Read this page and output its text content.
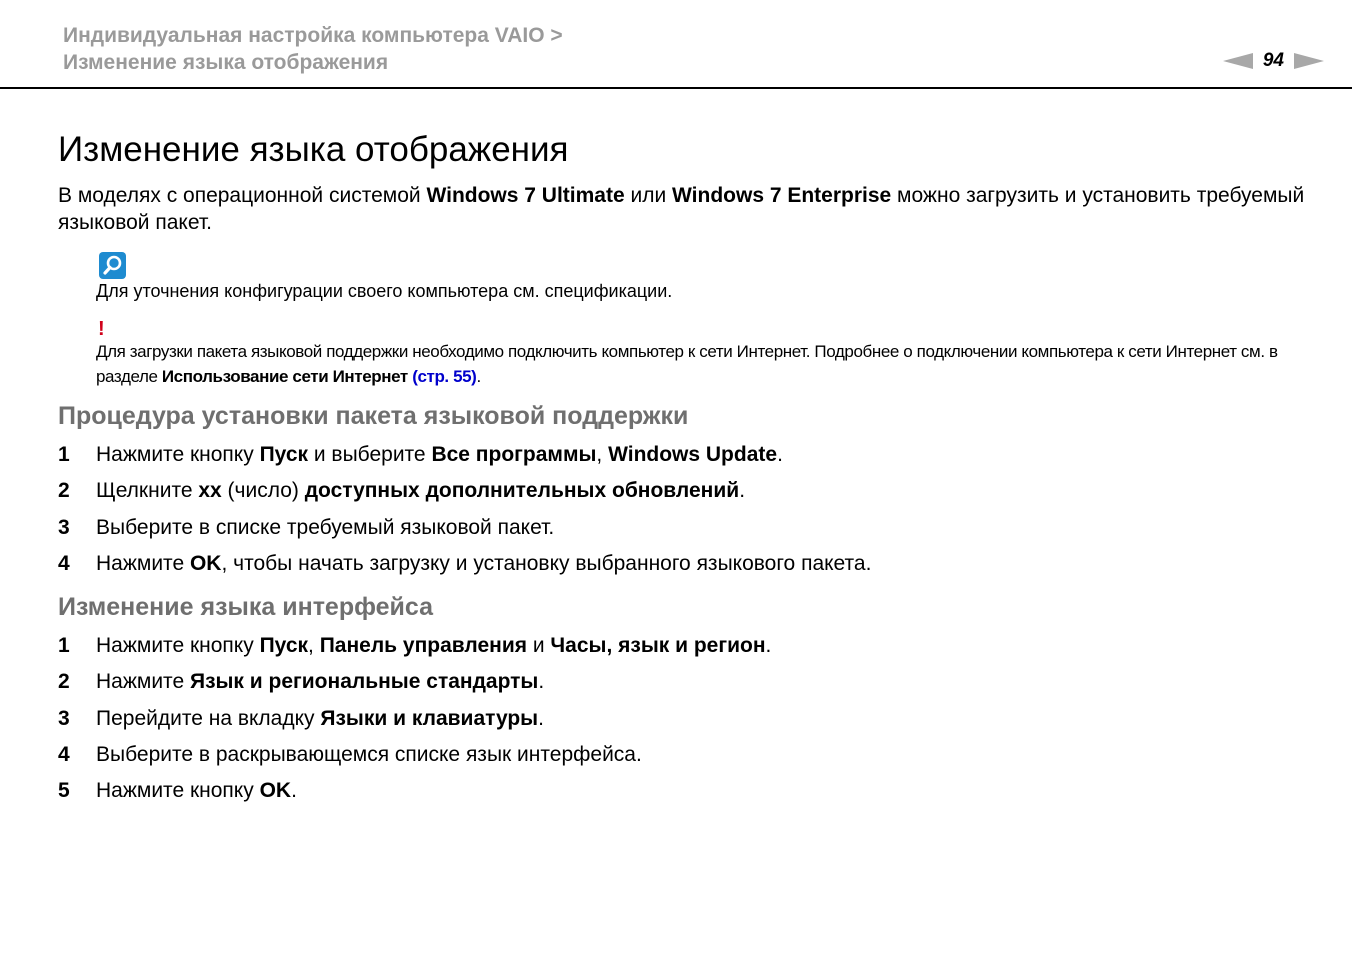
Индивидуальная настройка компьютера VAIO >
Изменение языка отображения	94
Изменение языка отображения

В моделях с операционной системой Windows 7 Ultimate или Windows 7 Enterprise можно загрузить и установить требуемый языковой пакет.

Для уточнения конфигурации своего компьютера см. спецификации.
!
Для загрузки пакета языковой поддержки необходимо подключить компьютер к сети Интернет. Подробнее о подключении компьютера к сети Интернет см. в разделе Использование сети Интернет (стр. 55).
Процедура установки пакета языковой поддержки
1 Нажмите кнопку Пуск и выберите Все программы, Windows Update.
2 Щелкните xx (число) доступных дополнительных обновлений.
3 Выберите в списке требуемый языковой пакет.
4 Нажмите OK, чтобы начать загрузку и установку выбранного языкового пакета.
Изменение языка интерфейса
1 Нажмите кнопку Пуск, Панель управления и Часы, язык и регион.
2 Нажмите Язык и региональные стандарты.
3 Перейдите на вкладку Языки и клавиатуры.
4 Выберите в раскрывающемся списке язык интерфейса.
5 Нажмите кнопку OK.
